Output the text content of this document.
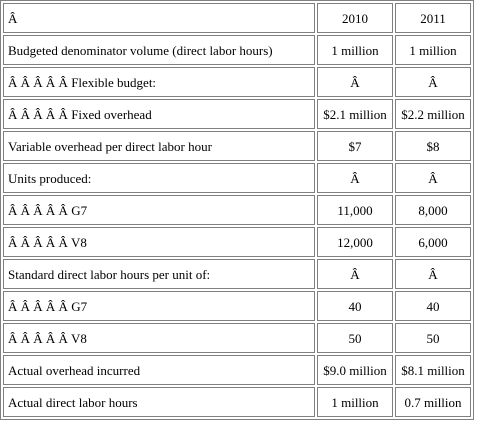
Â	2010	2011
Budgeted denominator volume (direct labor hours)	1 million	1 million
Â Â Â Â Â Flexible budget:	Â	Â
Â Â Â Â Â Fixed overhead	$2.1 million	$2.2 million
Variable overhead per direct labor hour	$7	$8
Units produced:	Â	Â
Â Â Â Â Â G7	11,000	8,000
Â Â Â Â Â V8	12,000	6,000
Standard direct labor hours per unit of:	Â	Â
Â Â Â Â Â G7	40	40
Â Â Â Â Â V8	50	50
Actual overhead incurred	$9.0 million	$8.1 million
Actual direct labor hours	1 million	0.7 million
